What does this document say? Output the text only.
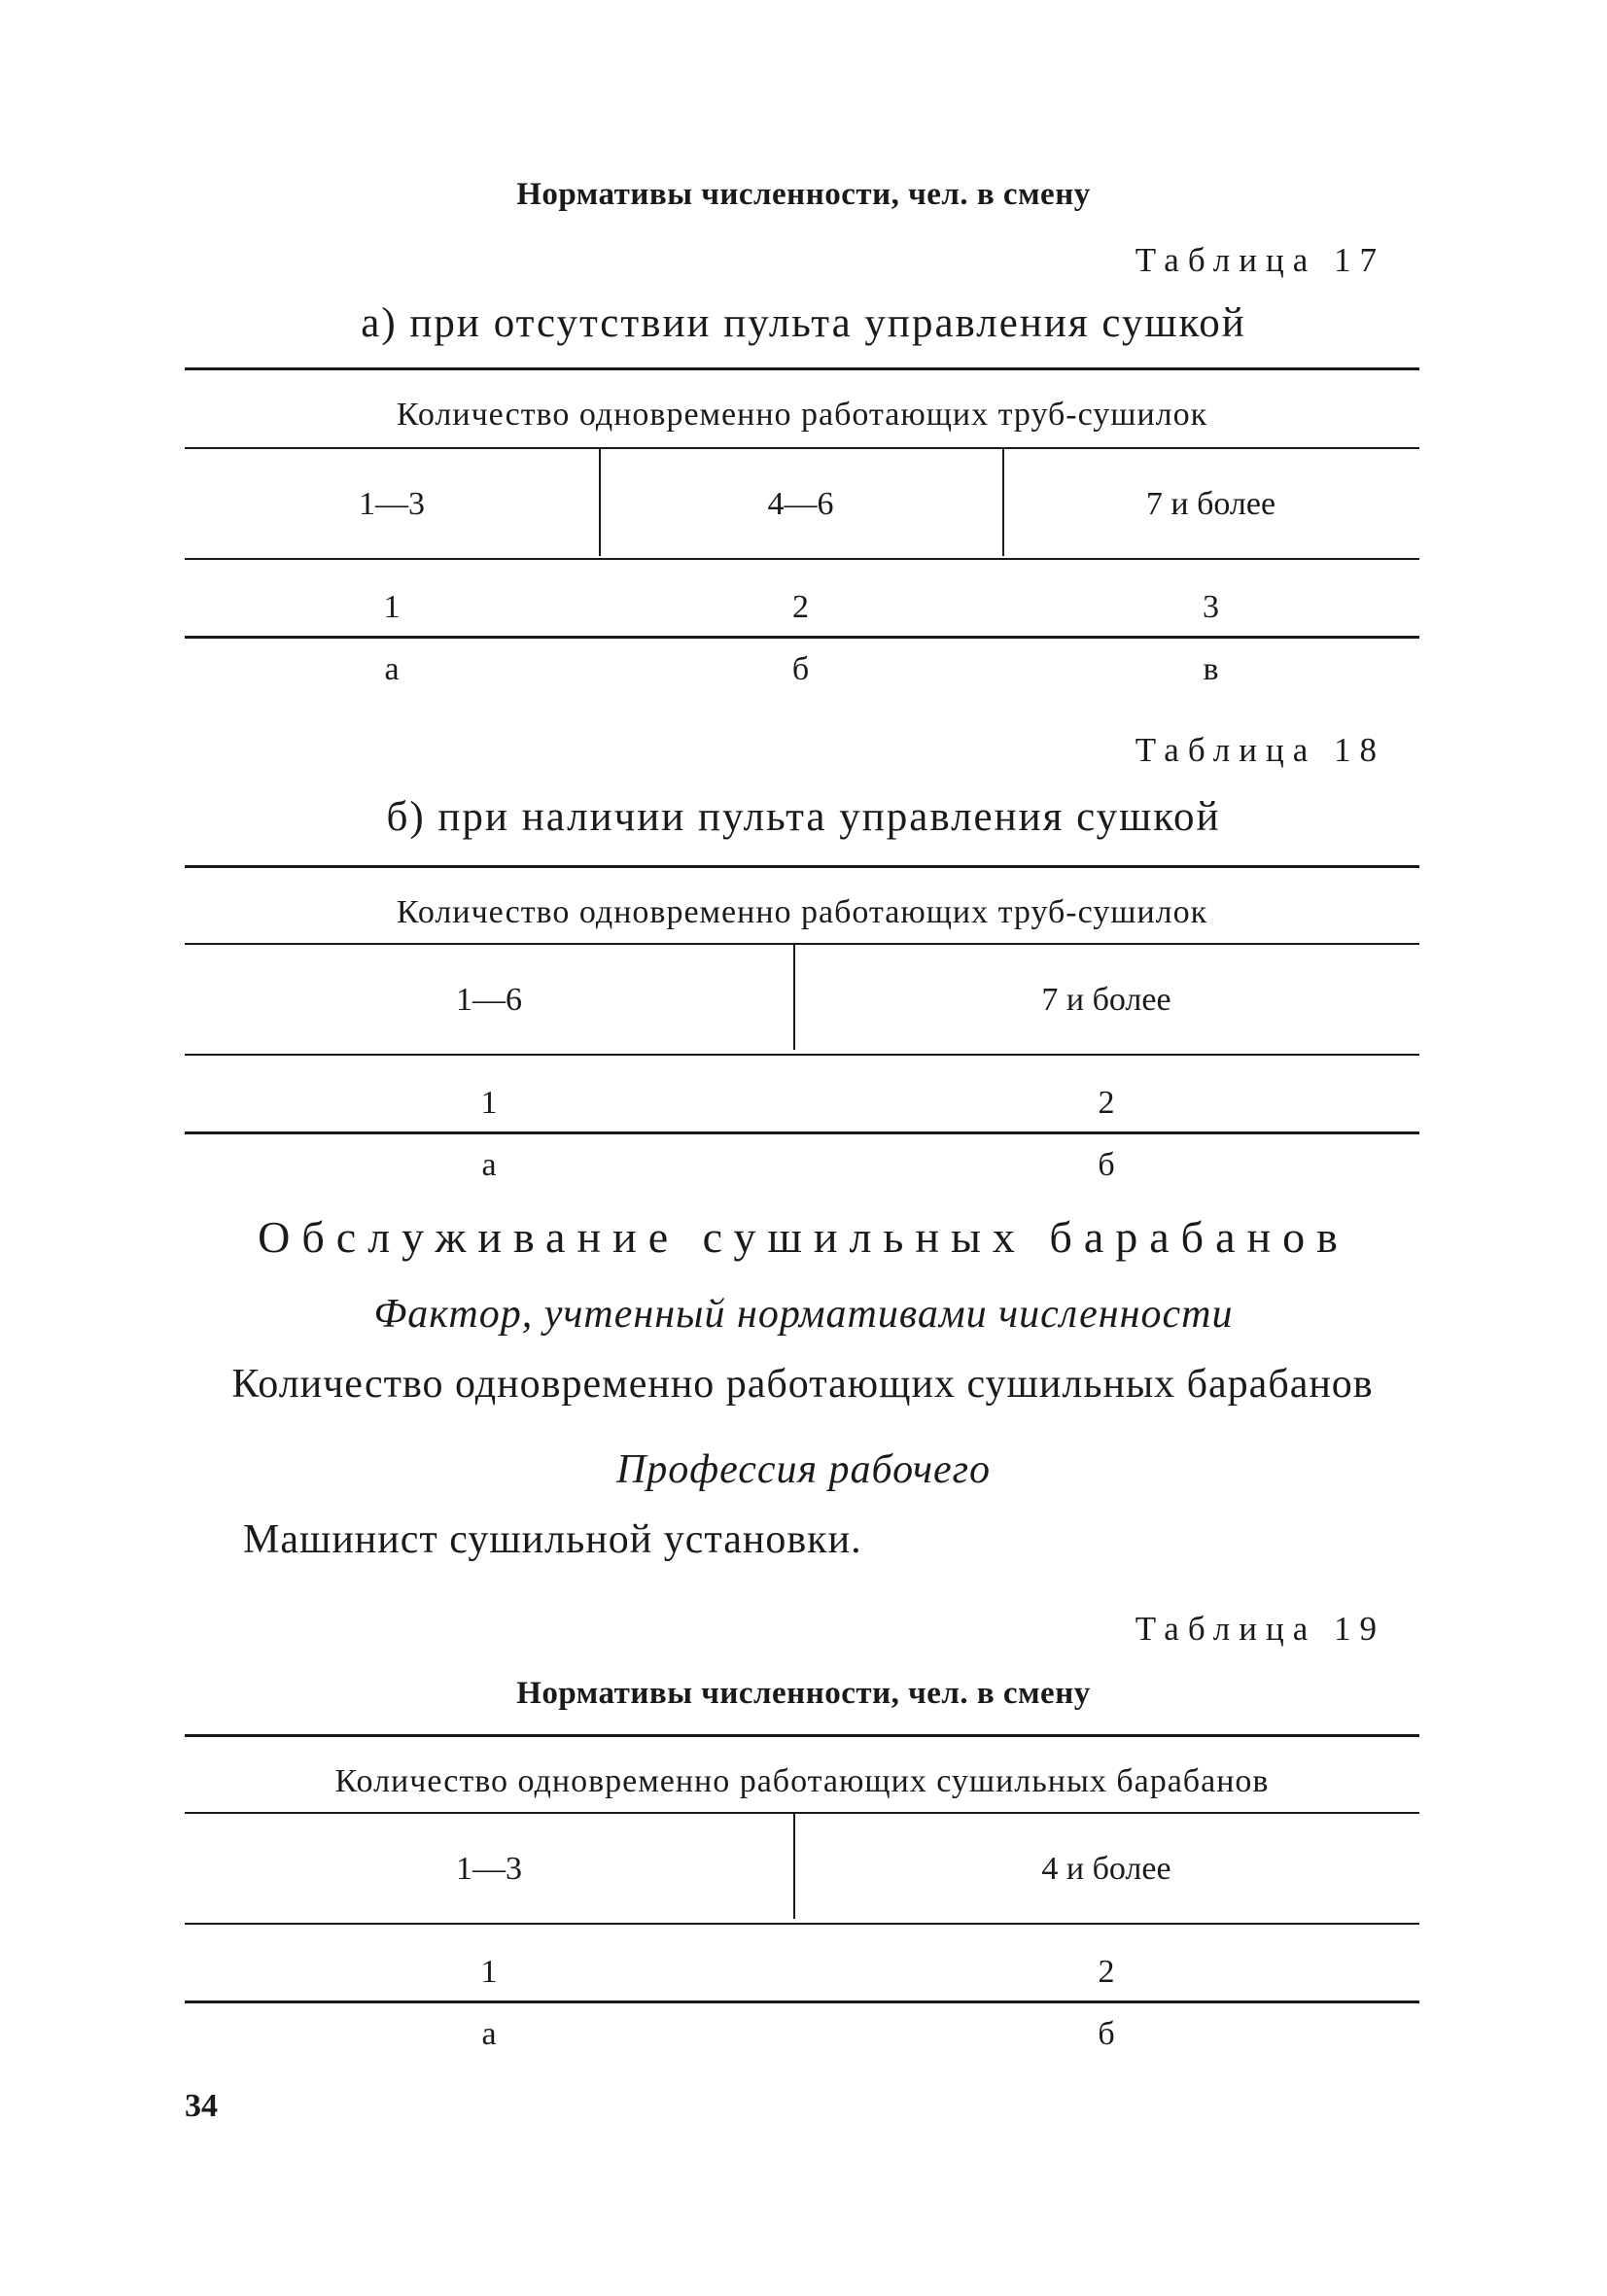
Нормативы численности, чел. в смену
Таблица 17
а) при отсутствии пульта управления сушкой
Количество одновременно работающих труб-сушилок
1—3	4—6	7 и более
1	2	3
а	б	в
Таблица 18
б) при наличии пульта управления сушкой
Количество одновременно работающих труб-сушилок
1—6	7 и более
1	2
а	б
Обслуживание сушильных барабанов
Фактор, учтенный нормативами численности
Количество одновременно работающих сушильных барабанов
Профессия рабочего
Машинист сушильной установки.
Таблица 19
Нормативы численности, чел. в смену
Количество одновременно работающих сушильных барабанов
1—3	4 и более
1	2
а	б
34
